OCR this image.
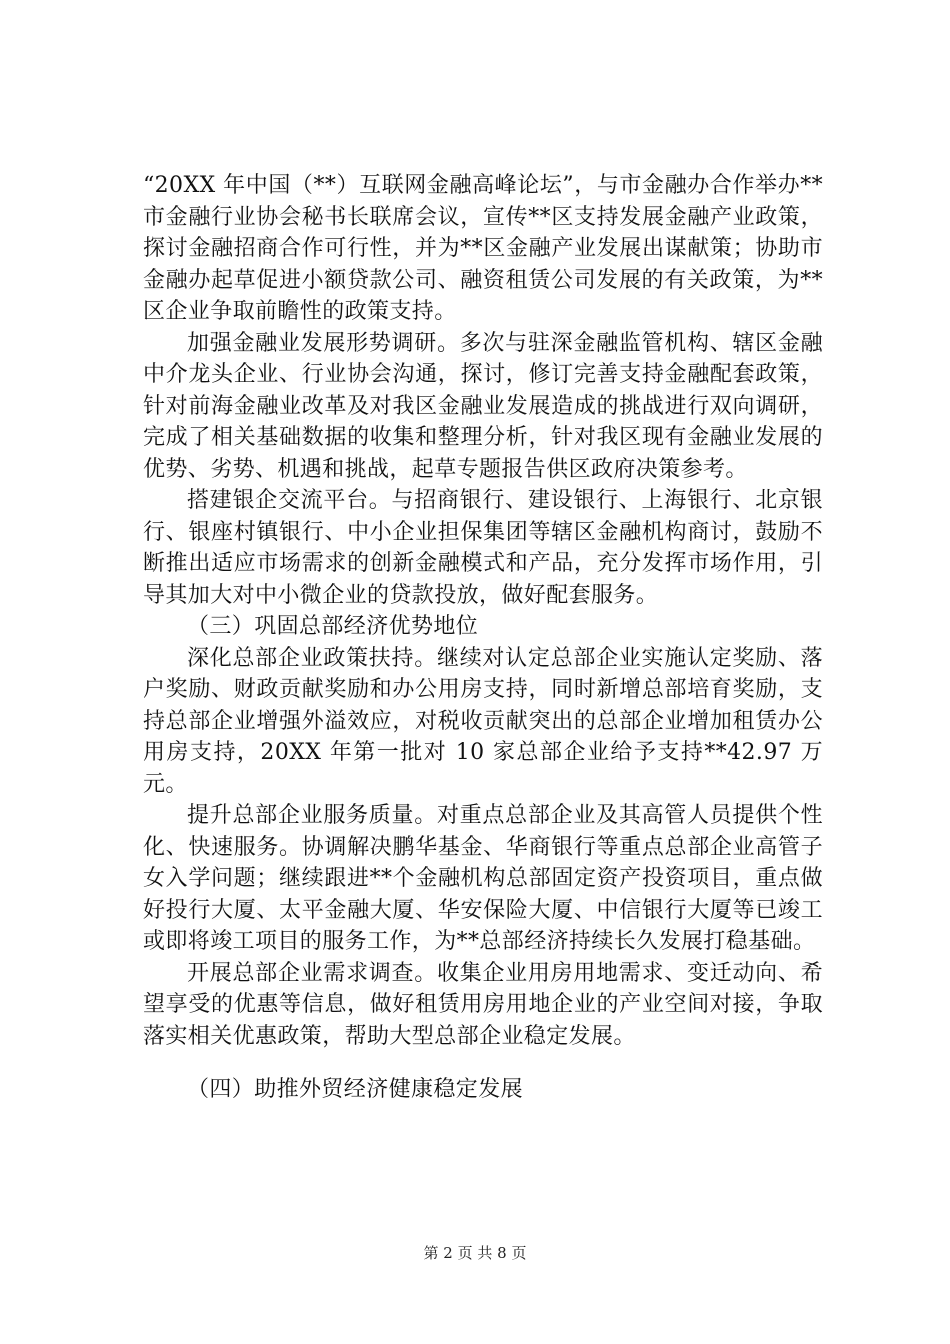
“20XX 年中国（**）互联网金融高峰论坛”，与市金融办合作举办**市金融行业协会秘书长联席会议，宣传**区支持发展金融产业政策，探讨金融招商合作可行性，并为**区金融产业发展出谋献策；协助市金融办起草促进小额贷款公司、融资租赁公司发展的有关政策，为**区企业争取前瞻性的政策支持。

加强金融业发展形势调研。多次与驻深金融监管机构、辖区金融中介龙头企业、行业协会沟通，探讨，修订完善支持金融配套政策，针对前海金融业改革及对我区金融业发展造成的挑战进行双向调研，完成了相关基础数据的收集和整理分析，针对我区现有金融业发展的优势、劣势、机遇和挑战，起草专题报告供区政府决策参考。

搭建银企交流平台。与招商银行、建设银行、上海银行、北京银行、银座村镇银行、中小企业担保集团等辖区金融机构商讨，鼓励不断推出适应市场需求的创新金融模式和产品，充分发挥市场作用，引导其加大对中小微企业的贷款投放，做好配套服务。

（三）巩固总部经济优势地位

深化总部企业政策扶持。继续对认定总部企业实施认定奖励、落户奖励、财政贡献奖励和办公用房支持，同时新增总部培育奖励，支持总部企业增强外溢效应，对税收贡献突出的总部企业增加租赁办公用房支持，20XX 年第一批对 10 家总部企业给予支持**42.97 万元。

提升总部企业服务质量。对重点总部企业及其高管人员提供个性化、快速服务。协调解决鹏华基金、华商银行等重点总部企业高管子女入学问题；继续跟进**个金融机构总部固定资产投资项目，重点做好投行大厦、太平金融大厦、华安保险大厦、中信银行大厦等已竣工或即将竣工项目的服务工作，为**总部经济持续长久发展打稳基础。

开展总部企业需求调查。收集企业用房用地需求、变迁动向、希望享受的优惠等信息，做好租赁用房用地企业的产业空间对接，争取落实相关优惠政策，帮助大型总部企业稳定发展。

（四）助推外贸经济健康稳定发展

第 2 页 共 8 页
